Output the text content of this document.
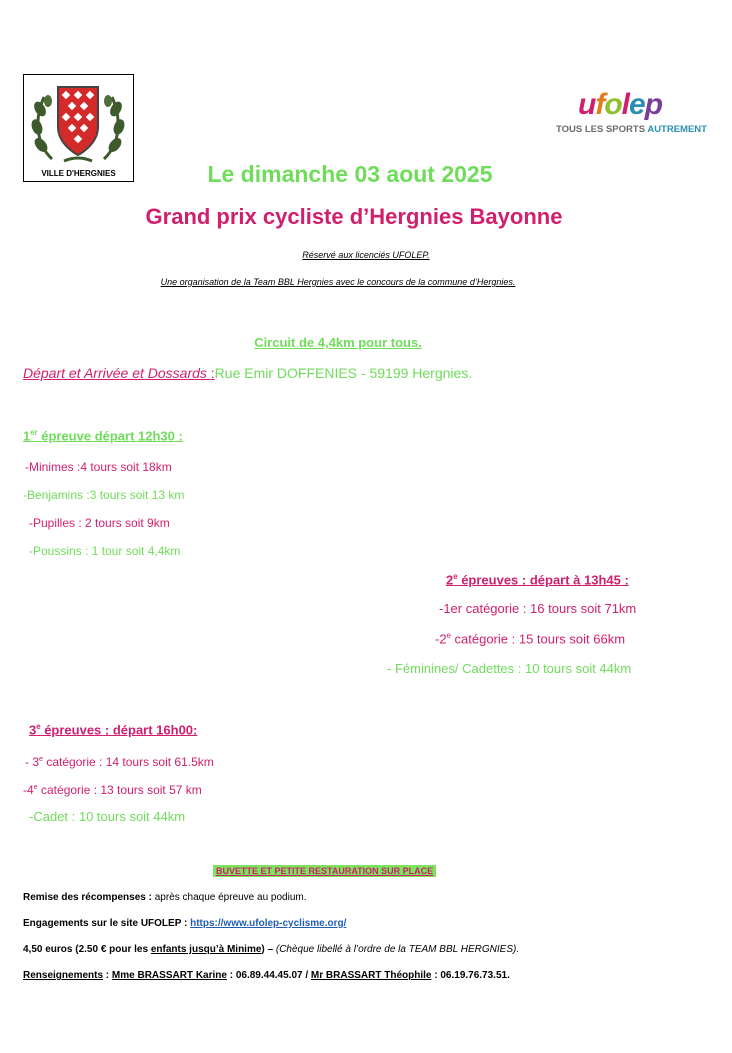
VILLE D'HERGNIES
ufolep
TOUS LES SPORTS AUTREMENT
Le dimanche 03 aout 2025
Grand prix cycliste d’Hergnies Bayonne
Réservé aux licenciés UFOLEP.
Une organisation de la Team BBL Hergnies avec le concours de la commune d’Hergnies.
Circuit de 4,4km pour tous.
Départ et Arrivée et Dossards :Rue Emir DOFFENIES - 59199 Hergnies.
1er épreuve départ 12h30 :
-Minimes :4 tours soit 18km
-Benjamins :3 tours soit 13 km
-Pupilles : 2 tours soit 9km
-Poussins : 1 tour soit 4,4km
2e épreuves : départ à 13h45 :
-1er catégorie : 16 tours soit 71km
-2e catégorie : 15 tours soit 66km
- Féminines/ Cadettes : 10 tours soit 44km
3e épreuves : départ 16h00:
- 3e catégorie : 14 tours soit 61.5km
-4e catégorie : 13 tours soit 57 km
-Cadet : 10 tours soit 44km
BUVETTE ET PETITE RESTAURATION SUR PLACE
Remise des récompenses : après chaque épreuve au podium.
Engagements sur le site UFOLEP : https://www.ufolep-cyclisme.org/
4,50 euros (2.50 € pour les enfants jusqu’à Minime) – (Chèque libellé à l’ordre de la TEAM BBL HERGNIES).
Renseignements : Mme BRASSART Karine : 06.89.44.45.07 / Mr BRASSART Théophile : 06.19.76.73.51.
